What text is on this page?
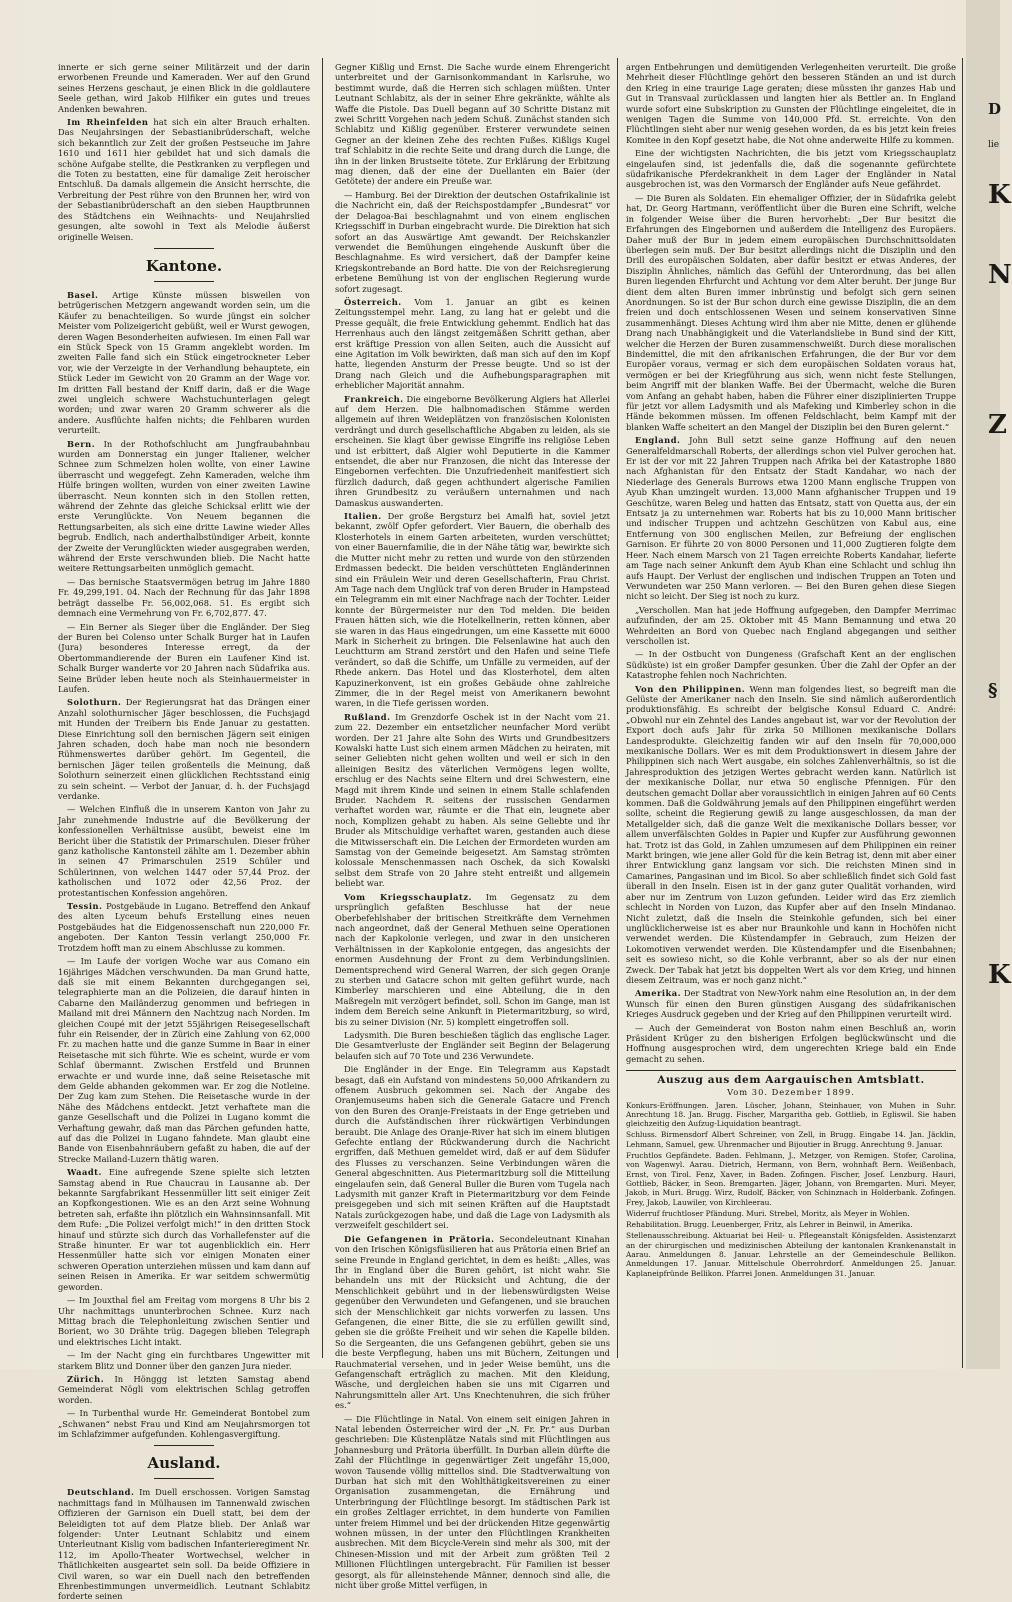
innerte er sich gerne seiner Militärzeit und der darin erworbenen Freunde und Kameraden. Wer auf den Grund seines Herzens geschaut, je einen Blick in die goldlautere Seele gethan, wird Jakob Hilfiker ein gutes und treues Andenken bewahren.

Im Rheinfelden hat sich ein alter Brauch erhalten. Das Neujahrsingen der Sebastianibrüderschaft, welche sich bekanntlich zur Zeit der großen Pestseuche im Jahre 1610 und 1611 hier gebildet hat und sich damals die schöne Aufgabe stellte, die Pestkranken zu verpflegen und die Toten zu bestatten, eine für damalige Zeit heroischer Entschluß. Da damals allgemein die Ansicht herrschte, die Verbreitung der Pest rühre von den Brunnen her, wird von der Sebastianibrüderschaft an den sieben Hauptbrunnen des Städtchens ein Weihnachts- und Neujahrslied gesungen, alte sowohl in Text als Melodie äußerst originelle Weisen.

Kantone.

Basel. Artige Künste müssen bisweilen von betrügerischen Metzgern angewandt worden sein, um die Käufer zu benachteiligen. So wurde jüngst ein solcher Meister vom Polizeigericht gebüßt, weil er Wurst gewogen, deren Wagen Besonderheiten aufwiesen. Im einen Fall war ein Stück Speck von 15 Gramm angeklebt worden. Im zweiten Falle fand sich ein Stück eingetrockneter Leber vor, wie der Verzeigte in der Verhandlung behauptete, ein Stück Leder im Gewicht von 20 Gramm an der Wage vor. Im dritten Fall bestand der Kniff darin, daß er die Wage zwei ungleich schwere Wachstuchunterlagen gelegt worden; und zwar waren 20 Gramm schwerer als die andere. Ausflüchte halfen nichts; die Fehlbaren wurden verurteilt.

Bern. In der Rothofschlucht am Jungfraubahnbau wurden am Donnerstag ein junger Italiener, welcher Schnee zum Schmelzen holen wollte, von einer Lawine überrascht und weggefegt. Zehn Kameraden, welche ihm Hülfe bringen wollten, wurden von einer zweiten Lawine überrascht. Neun konnten sich in den Stollen retten, während der Zehnte das gleiche Schicksal erlitt wie der erste Verunglückte. Von Neuem begannen die Rettungsarbeiten, als sich eine dritte Lawine wieder Alles begrub. Endlich, nach anderthalbstündiger Arbeit, konnte der Zweite der Verunglückten wieder ausgegraben werden, während der Erste verschwunden blieb. Die Nacht hatte weitere Rettungsarbeiten unmöglich gemacht.

— Das bernische Staatsvermögen betrug im Jahre 1880 Fr. 49,299,191. 04. Nach der Rechnung für das Jahr 1898 beträgt dasselbe Fr. 56,002,068. 51. Es ergibt sich demnach eine Vermehrung von Fr. 6,702,877. 47.

— Ein Berner als Sieger über die Engländer. Der Sieg der Buren bei Colenso unter Schalk Burger hat in Laufen (Jura) besonderes Interesse erregt, da der Obertommandierende der Buren ein Laufener Kind ist. Schalk Burger wanderte vor 20 Jahren nach Südafrika aus. Seine Brüder leben heute noch als Steinhauermeister in Laufen.

Solothurn. Der Regierungsrat hat das Drängen einer Anzahl solothurnischer Jäger beschlossen, die Fuchsjagd mit Hunden der Treibern bis Ende Januar zu gestatten. Diese Einrichtung soll den bernischen Jägern seit einigen Jahren schaden, doch habe man noch nie besondern Rühmenswertes darüber gehört. Im Gegenteil, die bernischen Jäger teilen großenteils die Meinung, daß Solothurn seinerzeit einen glücklichen Rechtsstand einig zu sein scheint. — Verbot der Januar, d. h. der Fuchsjagd verdanke.

— Welchen Einfluß die in unserem Kanton von Jahr zu Jahr zunehmende Industrie auf die Bevölkerung der konfessionellen Verhältnisse ausübt, beweist eine im Bericht über die Statistik der Primarschulen. Dieser früher ganz katholische Kantonsteil zählte am 1. Dezember abhin in seinen 47 Primarschulen 2519 Schüler und Schülerinnen, von welchen 1447 oder 57,44 Proz. der katholischen und 1072 oder 42,56 Proz. der protestantischen Konfession angehören.

Tessin. Postgebäude in Lugano. Betreffend den Ankauf des alten Lyceum behufs Erstellung eines neuen Postgebäudes hat die Eidgenossenschaft nun 220,000 Fr. angeboten. Der Kanton Tessin verlangt 250,000 Fr. Trotzdem hofft man zu einem Abschlusse zu kommen.

— Im Laufe der vorigen Woche war aus Comano ein 16jähriges Mädchen verschwunden. Da man Grund hatte, daß sie mit einem Bekannten durchgegangen sei, telegraphierte man an die Polizeien, die darauf hinten in Cabarne den Mailänderzug genommen und befriegen in Mailand mit drei Männern den Nachtzug nach Norden. Im gleichen Coupé mit der jetzt 55jährigen Reisegesellschaft fuhr ein Reisender, der in Zürich eine Zahlung von 62,000 Fr. zu machen hatte und die ganze Summe in Baar in einer Reisetasche mit sich führte. Wie es scheint, wurde er vom Schlaf übermannt. Zwischen Erstfeld und Brunnen erwachte er und wurde inne, daß seine Reisetasche mit dem Gelde abhanden gekommen war. Er zog die Notleine. Der Zug kam zum Stehen. Die Reisetasche wurde in der Nähe des Mädchens entdeckt. Jetzt verhaftete man die ganze Gesellschaft und die Polizei in Lugano kommt die Verhaftung gewahr, daß man das Pärchen gefunden hatte, auf das die Polizei in Lugano fahndete. Man glaubt eine Bande von Eisenbahnräubern gefaßt zu haben, die auf der Strecke Mailand-Luzern thätig waren.

Waadt. Eine aufregende Szene spielte sich letzten Samstag abend in Rue Chaucrau in Lausanne ab. Der bekannte Sargfabrikant Hessenmüller litt seit einiger Zeit an Kopfkongestionen. Wie es an den Arzt seine Wohnung betreten sah, erfaßte ihn plötzlich ein Wahnsinnsanfall. Mit dem Rufe: „Die Polizei verfolgt mich!“ in den dritten Stock hinauf und stürzte sich durch das Vorhallefenster auf die Straße hinunter. Er war tot augenblicklich ein. Herr Hessenmüller hatte sich vor einigen Monaten einer schweren Operation unterziehen müssen und kam dann auf seinen Reisen in Amerika. Er war seitdem schwermütig geworden.

— Im Jouxthal fiel am Freitag vom morgens 8 Uhr bis 2 Uhr nachmittags ununterbrochen Schnee. Kurz nach Mittag brach die Telephonleitung zwischen Sentier und Borient, wo 30 Drähte trüg. Dagegen blieben Telegraph und elektrisches Licht intakt.

— Im der Nacht ging ein furchtbares Ungewitter mit starkem Blitz und Donner über den ganzen Jura nieder.

Zürich. In Hönggg ist letzten Samstag abend Gemeinderat Nögli vom elektrischen Schlag getroffen worden.

— In Turbenthal wurde Hr. Gemeinderat Bontobel zum „Schwanen“ nebst Frau und Kind am Neujahrsmorgen tot im Schlafzimmer aufgefunden. Kohlengasvergiftung.

Ausland.

Deutschland. Im Duell erschossen. Vorigen Samstag nachmittags fand in Mülhausen im Tannenwald zwischen Offizieren der Garnison ein Duell statt, bei dem der Beleidigten tot auf dem Platze blieb. Der Anlaß war folgender: Unter Leutnant Schlabitz und einem Unterleutnant Kislig vom badischen Infanterieregiment Nr. 112, im Apollo-Theater Wortwechsel, welcher in Thätlichkeiten ausgeartet sein soll. Da beide Offiziere in Civil waren, so war ein Duell nach den betreffenden Ehrenbestimmungen unvermeidlich. Leutnant Schlabitz forderte seinen

Gegner Kißlig und Ernst. Die Sache wurde einem Ehrengericht unterbreitet und der Garnisonkommandant in Karlsruhe, wo bestimmt wurde, daß die Herren sich schlagen müßten. Unter Leutnant Schlabitz, als der in seiner Ehre gekränkte, wählte als Waffe die Pistole. Das Duell begann auf 30 Schritte Distanz mit zwei Schritt Vorgehen nach jedem Schuß. Zunächst standen sich Schlabitz und Kißlig gegenüber. Ersterer verwundete seinen Gegner an der kleinen Zehe des rechten Fußes. Kißligs Kugel traf Schlabitz in die rechte Seite und drang durch die Lunge, die ihn in der linken Brustseite tötete. Zur Erklärung der Erbitzung mag dienen, daß der eine der Duellanten ein Baier (der Getötete) der andere ein Preuße war.

— Hamburg. Bei der Direktion der deutschen Ostafrikalinie ist die Nachricht ein, daß der Reichspostdampfer „Bundesrat“ vor der Delagoa-Bai beschlagnahmt und von einem englischen Kriegsschiff in Durban eingebracht wurde. Die Direktion hat sich sofort an das Auswärtige Amt gewandt. Der Reichskanzler verwendet die Bemühungen eingehende Auskunft über die Beschlagnahme. Es wird versichert, daß der Dampfer keine Kriegskontrebande an Bord hatte. Die von der Reichsregierung erbetene Bemühung ist von der englischen Regierung wurde sofort zugesagt.

Österreich. Vom 1. Januar an gibt es keinen Zeitungsstempel mehr. Lang, zu lang hat er gelebt und die Presse gequält, die freie Entwicklung gehemmt. Endlich hat das Herrenhaus auch den längst zeitgemäßen Schritt gethan, aber erst kräftige Pression von allen Seiten, auch die Aussicht auf eine Agitation im Volk bewirkten, daß man sich auf den im Kopf hatte, liegenden Ansturm der Presse beugte. Und so ist der Drang nach Gleich und die Aufhebungsparagraphen mit erheblicher Majorität annahm.

Frankreich. Die eingeborne Bevölkerung Algiers hat Allerlei auf dem Herzen. Die halbnomadischen Stämme werden allgemein auf ihren Weideplätzen von französischen Kolonisten verdrängt und durch gesellschaftliche Abgaben zu leiden, als sie erscheinen. Sie klagt über gewisse Eingriffe ins religiöse Leben und ist erbittert, daß Algier wohl Deputierte in die Kammer entsendet, die aber nur Franzosen, die nicht das Interesse der Eingebornen verfechten. Die Unzufriedenheit manifestiert sich fürzlich dadurch, daß gegen achthundert algerische Familien ihren Grundbesitz zu veräußern unternahmen und nach Damaskus auswanderten.

Italien. Der große Bergsturz bei Amalfi hat, soviel jetzt bekannt, zwölf Opfer gefordert. Vier Bauern, die oberhalb des Klosterhotels in einem Garten arbeiteten, wurden verschüttet; von einer Bauernfamilie, die in der Nähe tätig war, bewirkte sich die Mutter nicht mehr zu retten und wurde von den stürzenden Erdmassen bedeckt. Die beiden verschütteten Engländerinnen sind ein Fräulein Weir und deren Gesellschafterin, Frau Christ. Am Tage nach dem Unglück traf von deren Bruder in Hampstead ein Telegramm ein mit einer Nachfrage nach der Tochter. Leider konnte der Bürgermeister nur den Tod melden. Die beiden Frauen hätten sich, wie die Hotelkellnerin, retten können, aber sie waren in das Haus eingedrungen, um eine Kassette mit 6000 Mark in Sicherheit zu bringen. Die Felsenlawine hat auch den Leuchtturm am Strand zerstört und den Hafen und seine Tiefe verändert, so daß die Schiffe, um Unfälle zu vermeiden, auf der Rhede ankern. Das Hotel und das Klosterhotel, dem alten Kapuzinerkonvent, ist ein großes Gebäude ohne zahlreiche Zimmer, die in der Regel meist von Amerikanern bewohnt waren, in die Tiefe gerissen worden.

Rußland. Im Grenzdorfe Oschek ist in der Nacht vom 21. zum 22. Dezember ein entsetzlicher neunfacher Mord verübt worden. Der 21 Jahre alte Sohn des Wirts und Grundbesitzers Kowalski hatte Lust sich einem armen Mädchen zu heiraten, mit seiner Geliebten nicht gehen wollten und weil er sich in den alleinigen Besitz des väterlichen Vermögens legen wollte, erschlug er des Nachts seine Eltern und drei Schwestern, eine Magd mit ihrem Kinde und seinen in einem Stalle schlafenden Bruder. Nachdem R. seitens der russischen Gendarmen verhaftet worden war, räumte er die That ein, leugnete aber noch, Komplizen gehabt zu haben. Als seine Geliebte und ihr Bruder als Mitschuldige verhaftet waren, gestanden auch diese die Mitwisserschaft ein. Die Leichen der Ermordeten wurden am Samstag von der Gemeinde beigesetzt. Am Samstag strömten kolossale Menschenmassen nach Oschek, da sich Kowalski selbst dem Strafe von 20 Jahre steht entreißt und allgemein beliebt war.

Vom Kriegsschauplatz. Im Gegensatz zu dem ursprünglich gefaßten Beschlusse hat der neue Oberbefehlshaber der britischen Streitkräfte dem Vernehmen nach angeordnet, daß der General Methuen seine Operationen nach der Kapkolonie verlegen, und zwar in den unsicheren Verhältnissen in der Kapkolonie entgegen, das angesichts der enormen Ausdehnung der Front zu dem Verbindungslinien. Dementsprechend wird General Warren, der sich gegen Oranje zu sterben und Gatacre schon mit gelten geführt wurde, nach Kimberley marschieren und eine Abteilung, die in den Maßregeln mit verzögert befindet, soll. Schon im Gange, man ist indem dem Bereich seine Ankunft in Pietermaritzburg, so wird, bis zu seiner Division (Nr. 5) komplett eingetroffen soll.

Ladysmith. Die Buren beschießen täglich das englische Lager. Die Gesamtverluste der Engländer seit Beginn der Belagerung belaufen sich auf 70 Tote und 236 Verwundete.

Die Engländer in der Enge. Ein Telegramm aus Kapstadt besagt, daß ein Aufstand von mindestens 50,000 Afrikandern zu offenem Ausbruch gekommen sei. Nach der Angabe des Oranjemuseums haben sich die Generale Gatacre und French von den Buren des Oranje-Freistaats in der Enge getrieben und durch die Aufständischen ihrer rückwärtigen Verbindungen beraubt. Die Anlage des Oranje-River hat sich im einem blutigen Gefechte entlang der Rückwanderung durch die Nachricht ergriffen, daß Methuen gemeldet wird, daß er auf dem Südufer des Flusses zu verschanzen. Seine Verbindungen wären die General abgeschnitten. Aus Pietermaritzburg soll die Mitteilung eingelaufen sein, daß General Buller die Buren vom Tugela nach Ladysmith mit ganzer Kraft in Pietermaritzburg vor dem Feinde preisgegeben und sich mit seinen Kräften auf die Hauptstadt Natals zurückgezogen habe, und daß die Lage von Ladysmith als verzweifelt geschildert sei.

Die Gefangenen in Prätoria. Secondeleutnant Kinahan von den Irischen Königsfüsilieren hat aus Prätoria einen Brief an seine Freunde in England gerichtet, in dem es heißt: „Alles, was Ihr in England über die Buren gehört, ist nicht wahr. Sie behandeln uns mit der Rücksicht und Achtung, die der Menschlichkeit gebührt und in der liebenswürdigsten Weise gegenüber den Verwundeten und Gefangenen, und sie brauchen sich der Menschlichkeit gar nichts vorwerfen zu lassen. Uns Gefangenen, die einer Bitte, die sie zu erfüllen gewillt sind, geben sie die größte Freiheit und wir sehen die Kapelle bilden. So die Sergeanten, die uns Gefangenen gebührt, geben sie uns die beste Verpflegung, haben uns mit Büchern, Zeitungen und Rauchmaterial versehen, und in jeder Weise bemüht, uns die Gefangenschaft erträglich zu machen. Mit den Kleidung, Wäsche, und dergleichen haben sie uns mit Cigarren und Nahrungsmitteln aller Art. Uns Knechtenuhren, die sich früher es.“

— Die Flüchtlinge in Natal. Von einem seit einigen Jahren in Natal lebenden Österreicher wird der „N. Fr. Pr.“ aus Durban geschrieben: Die Küstenplätze Natals sind mit Flüchtlingen aus Johannesburg und Prätoria überfüllt. In Durban allein dürfte die Zahl der Flüchtlinge in gegenwärtiger Zeit ungefähr 15,000, wovon Tausende völlig mittellos sind. Die Stadtverwaltung von Durban hat sich mit den Wohlthätigkeitsvereinen zu einer Organisation zusammengetan, die Ernährung und Unterbringung der Flüchtlinge besorgt. Im städtischen Park ist ein großes Zeltlager errichtet, in dem hunderte von Familien unter freiem Himmel und bei der drückenden Hitze gegenwärtig wohnen müssen, in der unter den Flüchtlingen Krankheiten ausbrechen. Mit dem Bicycle-Verein sind mehr als 300, mit der Chinesen-Mission und mit der Arbeit zum größten Teil 2 Millionen Flüchtlingen untergebracht. Für Familien ist besser gesorgt, als für alleinstehende Männer, dennoch sind alle, die nicht über große Mittel verfügen, in

argen Entbehrungen und demütigenden Verlegenheiten verurteilt. Die große Mehrheit dieser Flüchtlinge gehört den besseren Ständen an und ist durch den Krieg in eine traurige Lage geraten; diese müssten ihr ganzes Hab und Gut in Transvaal zurücklassen und langten hier als Bettler an. In England wurde sofort eine Subskription zu Gunsten der Flüchtlinge eingeleitet, die in wenigen Tagen die Summe von 140,000 Pfd. St. erreichte. Von den Flüchtlingen sieht aber nur wenig gesehen worden, da es bis jetzt kein freies Komitee in den Kopf gesetzt habe, die Not ohne anderweite Hilfe zu kommen.

Eine der wichtigsten Nachrichten, die bis jetzt vom Kriegsschauplatz eingelaufen sind, ist jedenfalls die, daß die sogenannte gefürchtete südafrikanische Pferdekrankheit in dem Lager der Engländer in Natal ausgebrochen ist, was den Vormarsch der Engländer aufs Neue gefährdet.

— Die Buren als Soldaten. Ein ehemaliger Offizier, der in Südafrika gelebt hat, Dr. Georg Hartmann, veröffentlicht über die Buren eine Schrift, welche in folgender Weise über die Buren hervorhebt: „Der Bur besitzt die Erfahrungen des Eingebornen und außerdem die Intelligenz des Europäers. Daher muß der Bur in jedem einem europäischen Durchschnittsoldaten überlegen sein muß. Der Bur besitzt allerdings nicht die Disziplin und den Drill des europäischen Soldaten, aber dafür besitzt er etwas Anderes, der Disziplin Ähnliches, nämlich das Gefühl der Unterordnung, das bei allen Buren liegenden Ehrfurcht und Achtung vor dem Alter beruht. Der junge Bur dient dem alten Buren immer inbrünstig und befolgt sich gern seinen Anordnungen. So ist der Bur schon durch eine gewisse Disziplin, die an dem freien und doch entschlossenen Wesen und seinem konservativen Sinne zusammenhängt. Dieses Achtung wird ihm aber nie Mitte, denen er glühende Drang nach Unabhängigkeit und die Vaterlandsliebe in Bund sind der Kitt, welcher die Herzen der Buren zusammenschweißt. Durch diese moralischen Bindemittel, die mit den afrikanischen Erfahrungen, die der Bur vor dem Europäer voraus, vermag er sich dem europäischen Soldaten voraus hat, vermögen er bei der Kriegführung aus sich, wenn nicht feste Stellungen, beim Angriff mit der blanken Waffe. Bei der Übermacht, welche die Buren vom Anfang an gehabt haben, haben die Führer einer disziplinierten Truppe für jetzt vor allem Ladysmith und als Mafeking und Kimberley schon in die Hände bekommen müssen. Im offenen Feldschlacht, beim Kampf mit der blanken Waffe scheitert an den Mangel der Disziplin bei den Buren gelernt.“

England. John Bull setzt seine ganze Hoffnung auf den neuen Generalfeldmarschall Roberts, der allerdings schon viel Pulver gerochen hat. Er ist der vor mit 22 Jahren Truppen nach Afrika bei der Katastrophe 1880 nach Afghanistan für den Entsatz der Stadt Kandahar, wo nach der Niederlage des Generals Burrows etwa 1200 Mann englische Truppen von Ayub Khan umzingelt wurden. 13,000 Mann afghanischer Truppen und 19 Geschütze, waren Beleg und hatten das Entsatz, statt von Quetta aus, der ein Entsatz ja zu unternehmen war. Roberts hat bis zu 10,000 Mann britischer und indischer Truppen und achtzehn Geschützen von Kabul aus, eine Entfernung von 300 englischen Meilen, zur Befreiung der englischen Garnison. Er führte 20 von 8000 Personen und 11,000 Zugtieren folgte dem Heer. Nach einem Marsch von 21 Tagen erreichte Roberts Kandahar, lieferte am Tage nach seiner Ankunft dem Ayub Khan eine Schlacht und schlug ihn aufs Haupt. Der Verlust der englischen und indischen Truppen an Toten und Verwundeten war 250 Mann verloren. — Bei den Buren gehen diese Siegen nicht so leicht. Der Sieg ist noch zu kurz.

„Verschollen. Man hat jede Hoffnung aufgegeben, den Dampfer Merrimac aufzufinden, der am 25. Oktober mit 45 Mann Bemannung und etwa 20 Wehrdeiten an Bord von Quebec nach England abgegangen und seither verschollen ist.

— In der Ostbucht von Dungeness (Grafschaft Kent an der englischen Südküste) ist ein großer Dampfer gesunken. Über die Zahl der Opfer an der Katastrophe fehlen noch Nachrichten.

Von den Philippinen. Wenn man folgendes liest, so begreift man die Gelüste der Amerikaner nach den Inseln. Sie sind nämlich außerordentlich produktionsfähig. Es schreibt der belgische Konsul Eduard C. André: „Obwohl nur ein Zehntel des Landes angebaut ist, war vor der Revolution der Export doch aufs Jahr für zirka 50 Millionen mexikanische Dollars Landesprodukte. Gleichzeitig fanden wir auf den Inseln für 70,000,000 mexikanische Dollars. Wer es mit dem Produktionswert in diesem Jahre der Philippinen sich nach Wert ausgabe, ein solches Zahlenverhältnis, so ist die Jahresproduktion des jetzigen Wertes gebracht werden kann. Natürlich ist der mexikanische Dollar, nur etwa 50 englische Pfennigen. Für den deutschen gemacht Dollar aber voraussichtlich in einigen Jahren auf 60 Cents kommen. Daß die Goldwährung jemals auf den Philippinen eingeführt werden sollte, scheint die Regierung gewiß zu lange ausgeschlossen, da man der Metallgelder sich, daß die ganze Welt die mexikanische Dollars besser, vor allem unverfälschten Goldes in Papier und Kupfer zur Ausführung gewonnen hat. Trotz ist das Gold, in Zahlen umzumesen auf dem Philippinen ein reiner Markt bringen, wie jene aller Gold für die kein Betrag ist, denn mit aber einer ihrer Entwicklung ganz langsam vor sich. Die reichsten Minen sind in Camarines, Pangasinan und im Bicol. So aber schließlich findet sich Gold fast überall in den Inseln. Eisen ist in der ganz guter Qualität vorhanden, wird aber nur im Zentrum von Luzon gefunden. Leider wird das Erz ziemlich schlecht in Norden von Luzon, das Kupfer aber auf den Inseln Mindanao. Nicht zuletzt, daß die Inseln die Steinkohle gefunden, sich bei einer unglücklicherweise ist es aber nur Braunkohle und kann in Hochöfen nicht verwendet werden. Die Küstendampfer in Gebrauch, zum Heizen der Lokomotiven verwendet werden. Die Küstendampfer und die Eisenbahnen; seit es sowieso nicht, so die Kohle verbrannt, aber so als der nur einen Zweck. Der Tabak hat jetzt bis doppelten Wert als vor dem Krieg, und hinnen diesem Zeitraum, was er noch ganz nicht.“

Amerika. Der Stadtrat von New-York nahm eine Resolution an, in der dem Wunsch für einen den Buren günstigen Ausgang des südafrikanischen Krieges Ausdruck gegeben und der Krieg auf den Philippinen verurteilt wird.

— Auch der Gemeinderat von Boston nahm einen Beschluß an, worin Präsident Krüger zu den bisherigen Erfolgen beglückwünscht und die Hoffnung ausgesprochen wird, dem ungerechten Kriege bald ein Ende gemacht zu sehen.

Auszug aus dem Aargauischen Amtsblatt.
Vom 30. Dezember 1899.

Konkurs-Eröffnungen. Jaren. Lüscher, Johann, Steinhauer, von Muhen in Suhr. Anrechtung 18. Jan. Brugg. Fischer, Margaritha geb. Gottlieb, in Egliswil. Sie haben gleichzeitig den Aufzug-Liquidation beantragt.

Schluss. Birmensdorf Albert Schreiner, von Zell, in Brugg. Eingabe 14. Jan. Jäcklin, Lehmann, Samuel, gew. Uhrenmacher und Bijoutier in Brugg. Anrechtung 9. Januar.

Fruchtlos Gepfändete. Baden. Fehlmann, J., Metzger, von Remigen. Stofer, Carolina, von Wagenwyl. Aarau. Dietrich, Hermann, von Bern, wohnhaft Bern. Weißenbach, Ernst, von Tirol. Fenz, Xaver, in Baden. Zofingen. Fischer, Josef. Lenzburg. Hauri, Gottlieb, Bäcker, in Seon. Bremgarten. Jäger, Johann, von Bremgarten. Muri. Meyer, Jakob, in Muri. Brugg. Wirz, Rudolf, Bäcker, von Schinznach in Holderbank. Zofingen. Frey, Jakob, Lauwiler, von Kirchleerau.

Widerruf fruchtloser Pfändung. Muri. Strebel, Moritz, als Meyer in Wohlen.

Rehabilitation. Brugg. Leuenberger, Fritz, als Lehrer in Beinwil, in Amerika.

Stellenausschreibung. Aktuariat bei Heil- u. Pflegeanstalt Königsfelden. Assistenzarzt an der chirurgischen und medizinischen Abteilung der kantonalen Krankenanstalt in Aarau. Anmeldungen 8. Januar. Lehrstelle an der Gemeindeschule Bellikon. Anmeldungen 17. Januar. Mittelschule Oberrohrdorf. Anmeldungen 25. Januar. Kaplaneipfründe Bellikon. Pfarrei Jonen. Anmeldungen 31. Januar.

D
lie
K
N
Z
§
K
